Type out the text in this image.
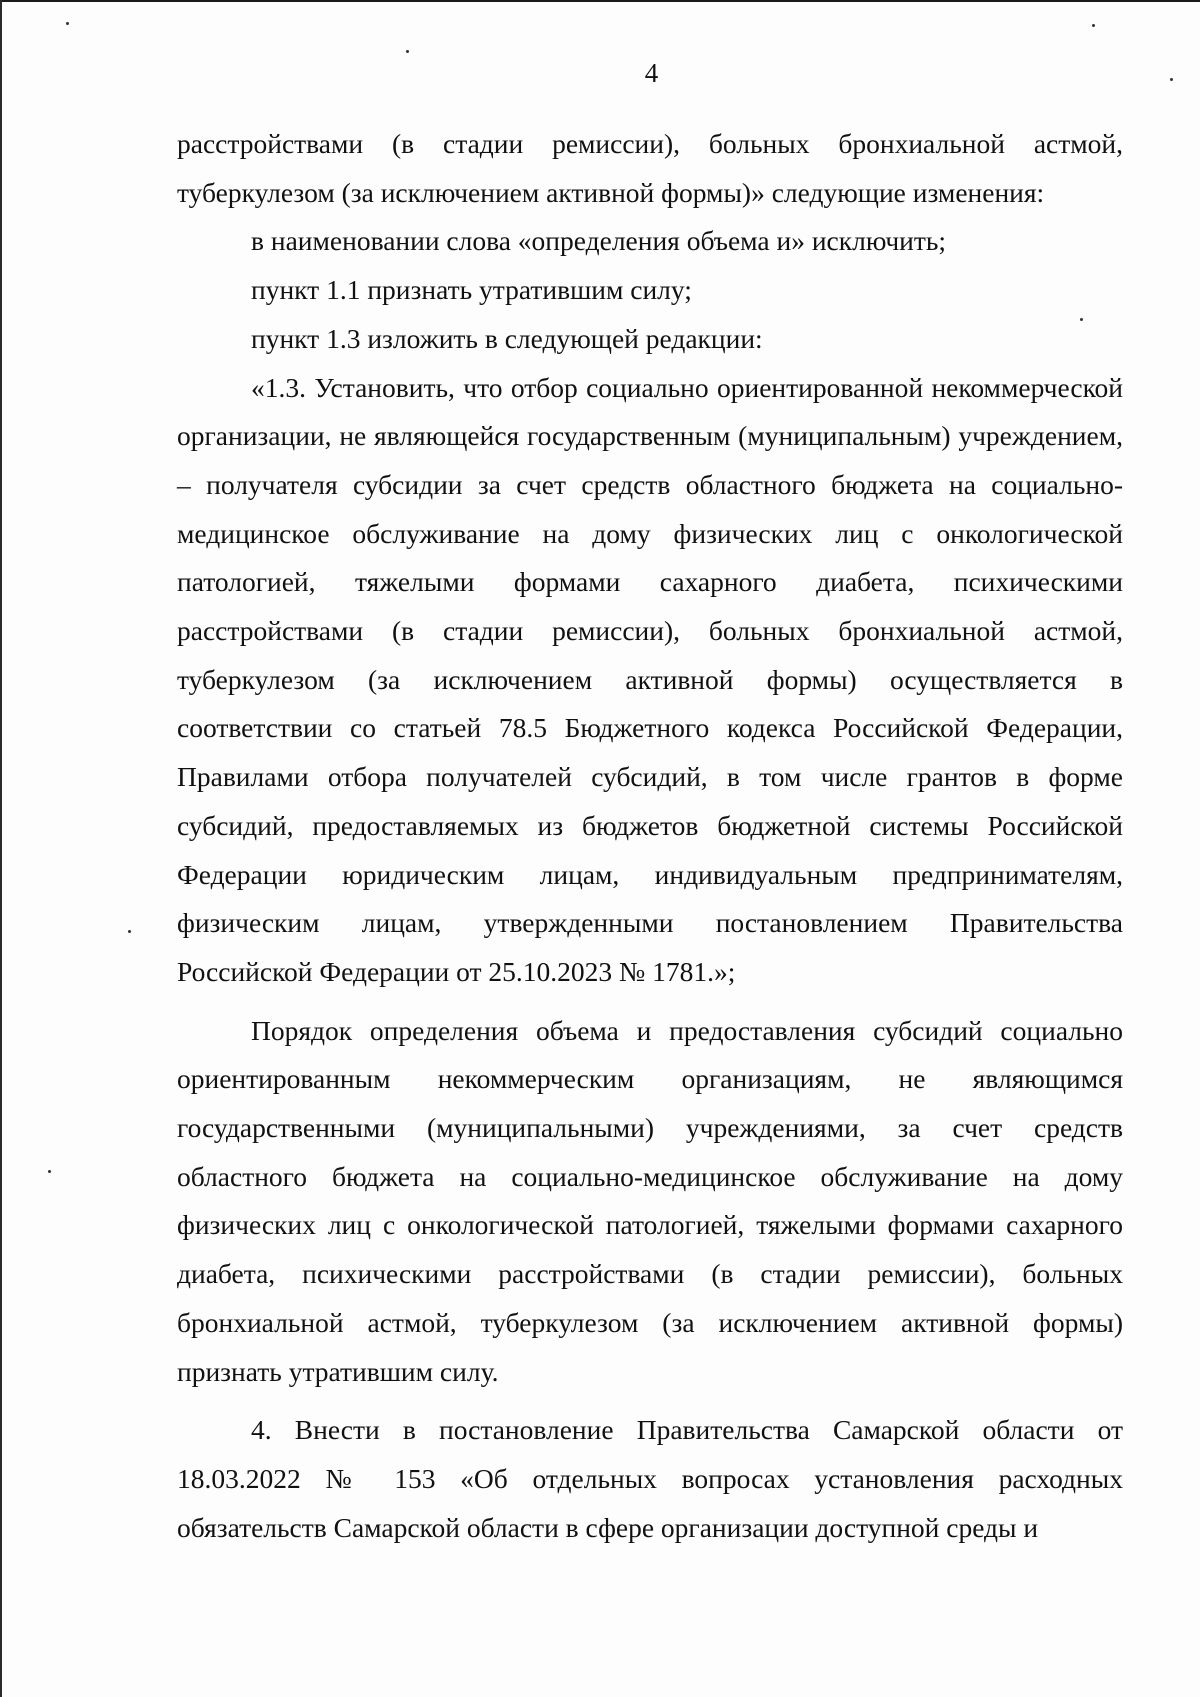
4

расстройствами (в стадии ремиссии), больных бронхиальной астмой, туберкулезом (за исключением активной формы)» следующие изменения:

в наименовании слова «определения объема и» исключить;

пункт 1.1 признать утратившим силу;

пункт 1.3 изложить в следующей редакции:

«1.3. Установить, что отбор социально ориентированной некоммерческой организации, не являющейся государственным (муниципальным) учреждением, – получателя субсидии за счет средств областного бюджета на социально-медицинское обслуживание на дому физических лиц с онкологической патологией, тяжелыми формами сахарного диабета, психическими расстройствами (в стадии ремиссии), больных бронхиальной астмой, туберкулезом (за исключением активной формы) осуществляется в соответствии со статьей 78.5 Бюджетного кодекса Российской Федерации, Правилами отбора получателей субсидий, в том числе грантов в форме субсидий, предоставляемых из бюджетов бюджетной системы Российской Федерации юридическим лицам, индивидуальным предпринимателям, физическим лицам, утвержденными постановлением Правительства Российской Федерации от 25.10.2023 № 1781.»;

Порядок определения объема и предоставления субсидий социально ориентированным некоммерческим организациям, не являющимся государственными (муниципальными) учреждениями, за счет средств областного бюджета на социально-медицинское обслуживание на дому физических лиц с онкологической патологией, тяжелыми формами сахарного диабета, психическими расстройствами (в стадии ремиссии), больных бронхиальной астмой, туберкулезом (за исключением активной формы) признать утратившим силу.

4. Внести в постановление Правительства Самарской области от 18.03.2022 № 153 «Об отдельных вопросах установления расходных обязательств Самарской области в сфере организации доступной среды и
